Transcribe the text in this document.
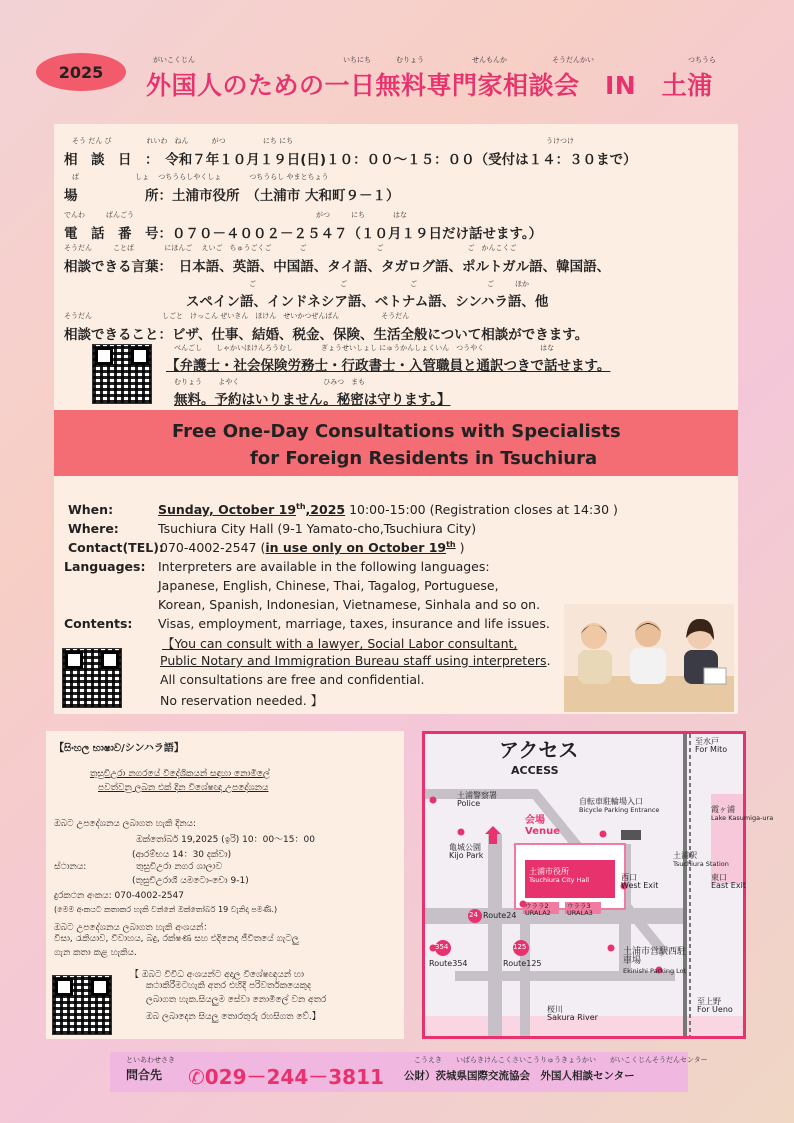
2025
がいこくじん	いちにち	むりょう	せんもんか	そうだんかい	つちうら
外国人のための一日無料専門家相談会　IN　土浦
そう だん び　　　　　れいわ　ねん　　　 がつ　　　　　 にち にち	うけつけ
相　談　日　：　令和７年１０月１９日(日)１０：００～１５：００（受付は１４：３０まで）
ば　　　　　　　　しょ　 つちうらしやくしょ　　　　つちうらし やまとちょう
場　　　　　所：土浦市役所　（土浦市 大和町９－１）
でんわ　　　ばんごう　　　　　　　　　　　　　　　　　　　　　　　　　　がつ　　　にち　　　　はな
電　話　番　号：０７０－４００２－２５４７（１０月１９日だけ話せます。）
そうだん　　　ことば　　　　 にほんご　 えいご　ちゅうごくご　　　　ご　　　　　　　　　　ご　　　　　　　　　　　　ご　かんこくご
相談できる言葉：　日本語、英語、中国語、タイ語、タガログ語、ポルトガル語、韓国語、
ご　　　　　　　　　　　　ご　　　　　　　　　ご　　　　　　　　　　ご　　　ほか
スペイン語、インドネシア語、ベトナム語、シンハラ語、他
そうだん　　　　　　　　　　しごと　けっこん ぜいきん　ほけん　せいかつぜんぱん　　　　　　そうだん
相談できること：ビザ、仕事、結婚、税金、保険、生活全般について相談ができます。
べんごし　　しゃかいほけんろうむし　　　　ぎょうせいしょし にゅうかんしょくいん　つうやく　　　　　　　　はな
【弁護士・社会保険労務士・行政書士・入管職員と通訳つきで話せます。
むりょう　　 よやく　　　　　　　　　　　　ひみつ　まも
無料。予約はいりません。秘密は守ります。】
Free One-Day Consultations with Specialists
for Foreign Residents in Tsuchiura
When:	Sunday, October 19th,2025 10:00-15:00 (Registration closes at 14:30 )
Where:	Tsuchiura City Hall (9-1 Yamato-cho,Tsuchiura City)
Contact(TEL):
070-4002-2547 (in use only on October 19th )
Languages: Interpreters are available in the following languages:
Japanese, English, Chinese, Thai, Tagalog, Portuguese,
Korean, Spanish, Indonesian, Vietnamese, Sinhala and so on.
Contents: Visas, employment, marriage, taxes, insurance and life issues.
【You can consult with a lawyer, Social Labor consultant,
Public Notary and Immigration Bureau staff using interpreters.
All consultations are free and confidential.
No reservation needed. 】
【සිංහල භාෂාව/シンハラ語】
තුසුචිඋරා නගරයේ විදේශිකයන් සඳහා නොමිලේ
පවත්වනු ලබන එක් දින විශේෂඥ උපදේශනය
ඔබට උපදේශනය ලබාගත හැකි දිනය:
ඔක්තෝබර් 19,2025 (ඉරි) 10：00～15：00
(ආරම්භය 14：30 දක්වා)
ස්ථානය:	තුසුචිඋරා නගර ශාලාව
(තුසුචිඋරාශී යමටො-චො 9-1)
දුරකථන අංකය: 070-4002-2547
(මෙම අංකයට කතාකර හැකි වන්නේ ඔක්තෝබර් 19 වැනිදා පමණි.)
ඔබට උපදේශනය ලබාගත හැකි අංශයන්：
වීසා, රැකියාව, විවාහය, බදු, රක්ෂණ සහ එදිනෙදා ජීවිතයේ ගැටලු
ගැන කතා කළ හැකිය.
【 ඔබට විවිධ අංශයන්ට අදාල විශේෂඥයන් හා
කථාකිරීමටහැකි අතර එහිදි පරිවර්තකයෙකුද
ලබාගත හැක.සියලුම සේවා නොමිලේ වන අතර
ඔබ ලබාදෙන සියලු තොරතුරු රහසිගත වේ.】
アクセス
ACCESS
土浦警察署
Police
会場
Venue
自転車駐輪場入口
Bicycle Parking Entrance
亀城公園
Kijo Park
土浦市役所
Tsuchiura City Hall
土浦駅
Tsuchiura Station
西口
West Exit
東口
East Exit
至水戸
For Mito
霞ヶ浦
Lake Kasumiga-ura
至上野
For Ueno
ウララ2
URALA2
ウララ3
URALA3
24 Route24
354
Route354
125
Route125
土浦市営駅西駐車場
Ekinishi Parking Lot
桜川
Sakura River
といあわせさき
問合先 ✆029－244－3811
こうえき　　いばらきけんこくさいこうりゅうきょうかい　　がいこくじんそうだんセンター
公財）茨城県国際交流協会　外国人相談センター
